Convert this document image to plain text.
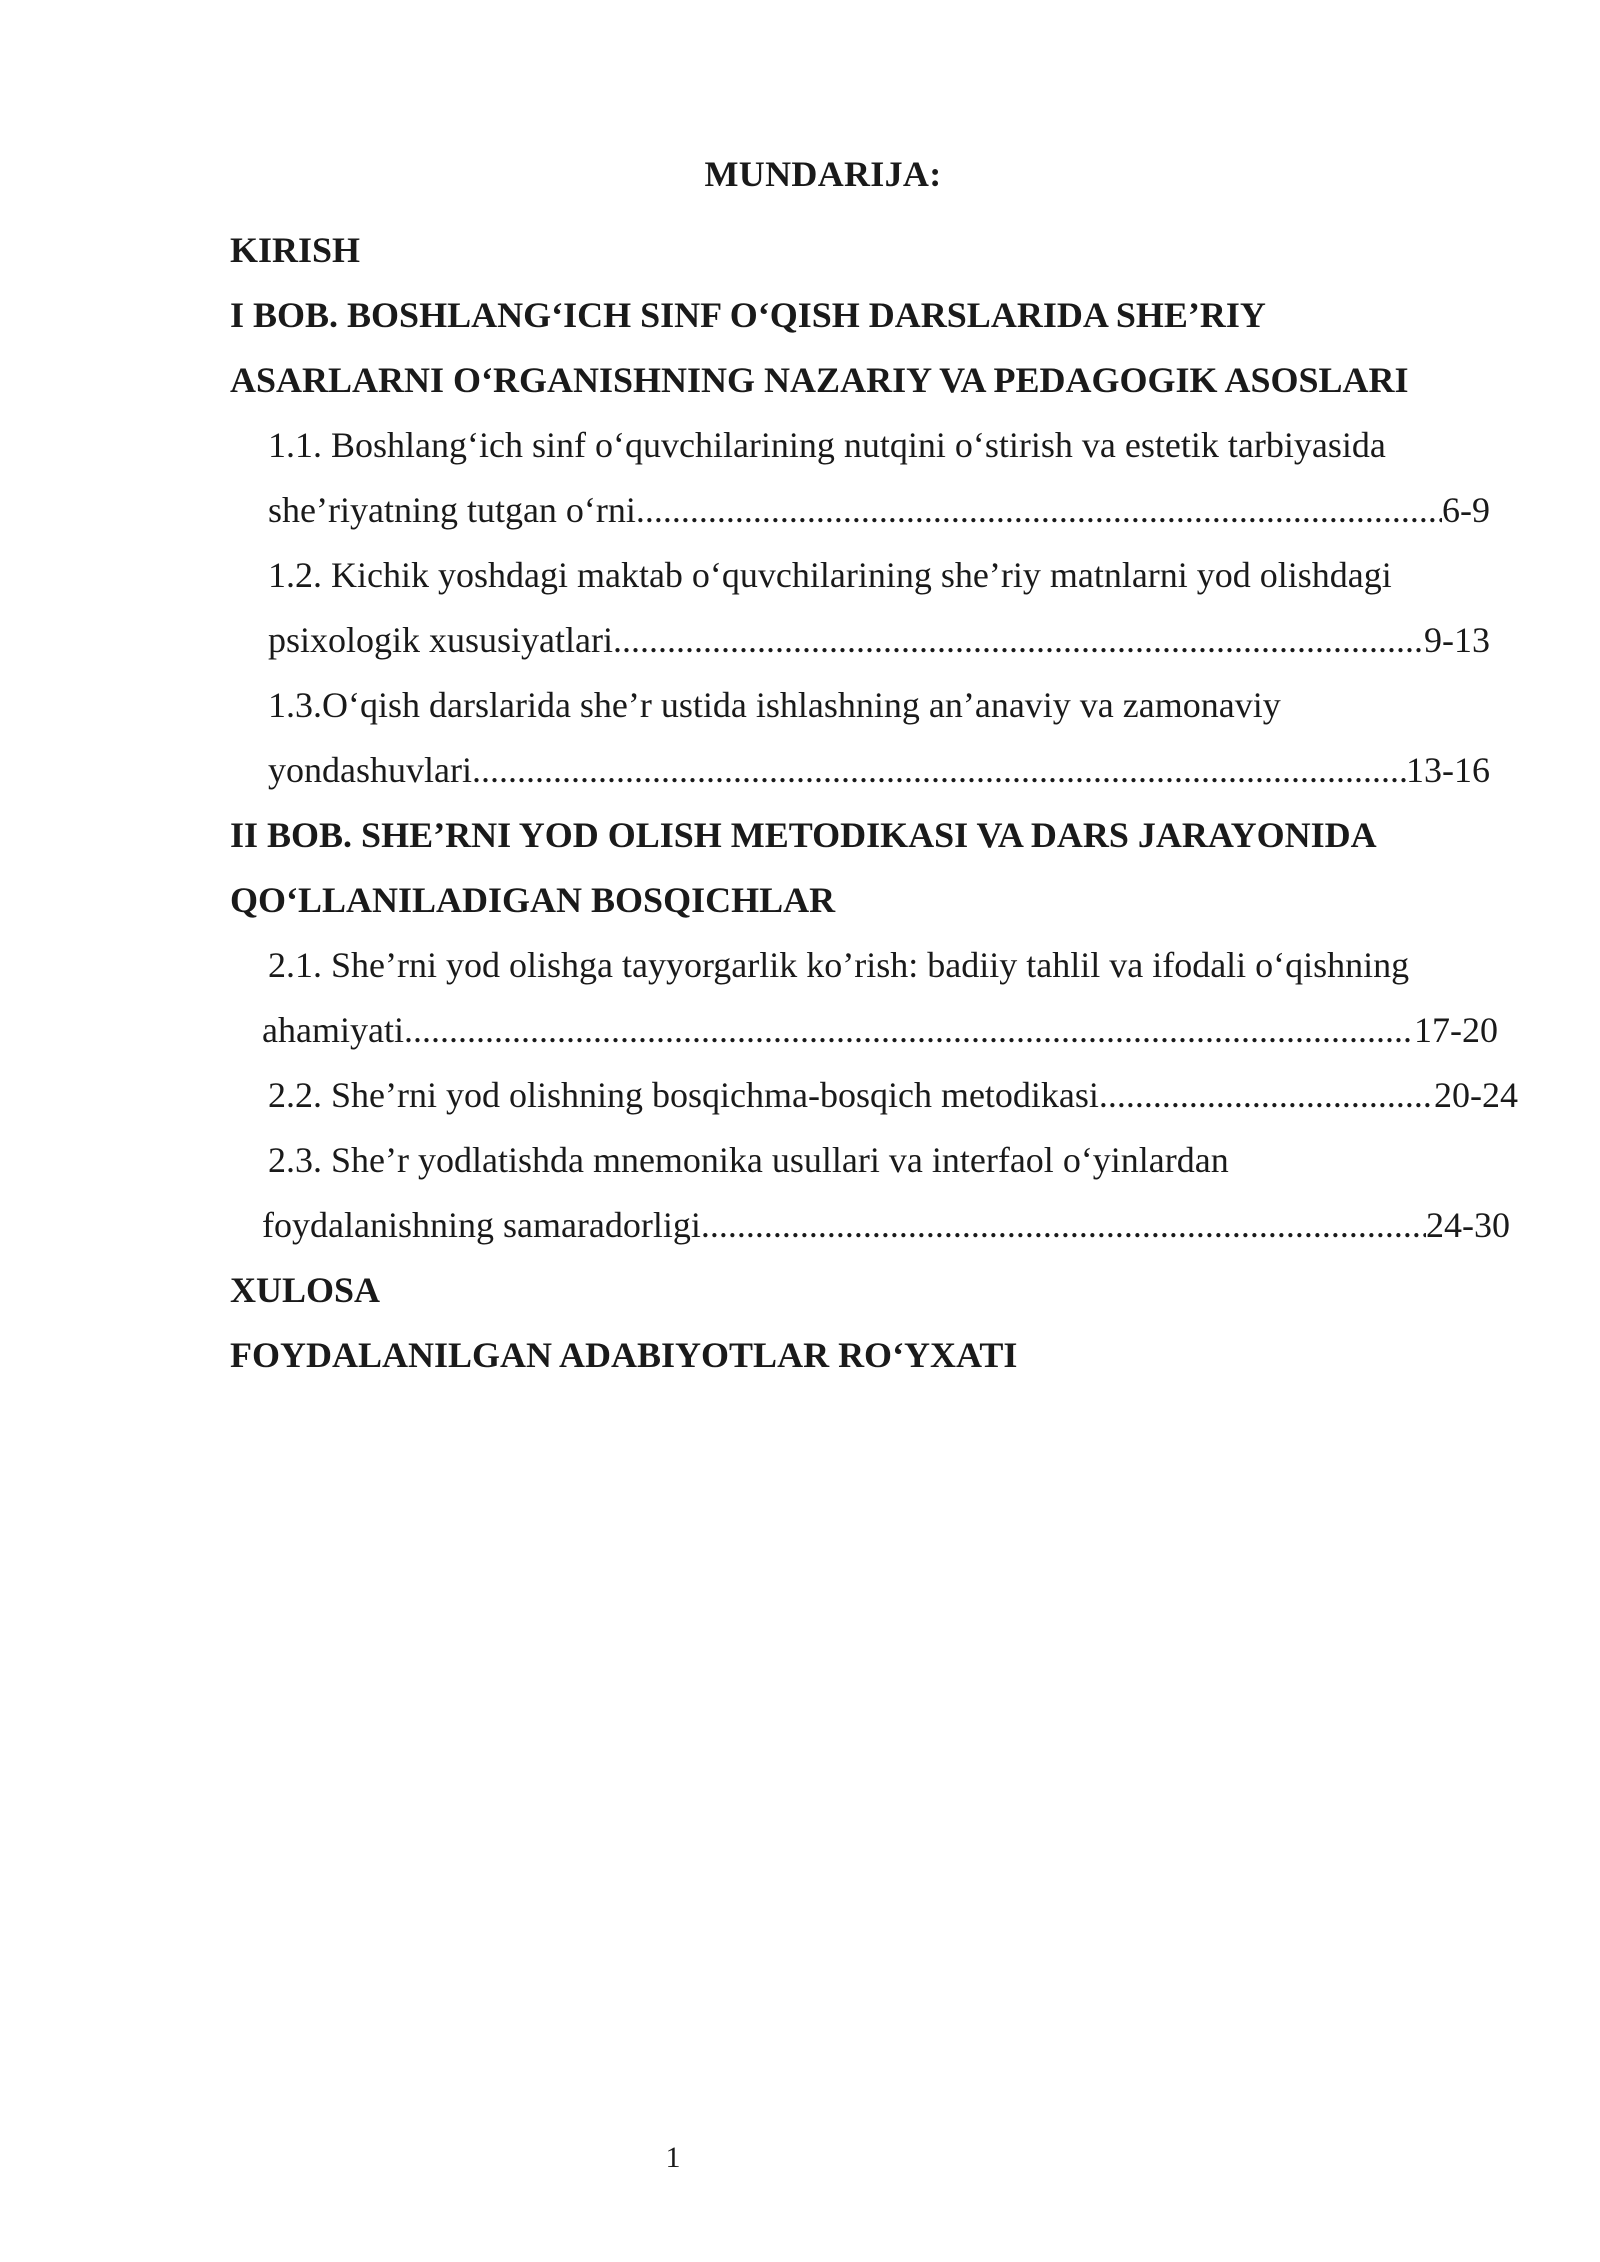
MUNDARIJA:
KIRISH
I BOB. BOSHLANG‘ICH SINF O‘QISH DARSLARIDA SHE’RIY
ASARLARNI O‘RGANISHNING NAZARIY VA PEDAGOGIK ASOSLARI
1.1. Boshlang‘ich sinf o‘quvchilarining nutqini o‘stirish va estetik tarbiyasida
she’riyatning tutgan o‘rni .....	6-9
1.2. Kichik yoshdagi maktab o‘quvchilarining she’riy matnlarni yod olishdagi
psixologik xususiyatlari .....	9-13
1.3.O‘qish darslarida she’r ustida ishlashning an’anaviy va zamonaviy
yondashuvlari .....	13-16
II BOB. SHE’RNI YOD OLISH METODIKASI VA DARS JARAYONIDA
QO‘LLANILADIGAN BOSQICHLAR
2.1. She’rni yod olishga tayyorgarlik ko’rish: badiiy tahlil va ifodali o‘qishning
ahamiyati .....	17-20
2.2. She’rni yod olishning bosqichma-bosqich metodikasi .....	20-24
2.3. She’r yodlatishda mnemonika usullari va interfaol o‘yinlardan
foydalanishning samaradorligi .....	24-30
XULOSA
FOYDALANILGAN ADABIYOTLAR RO‘YXATI
1
